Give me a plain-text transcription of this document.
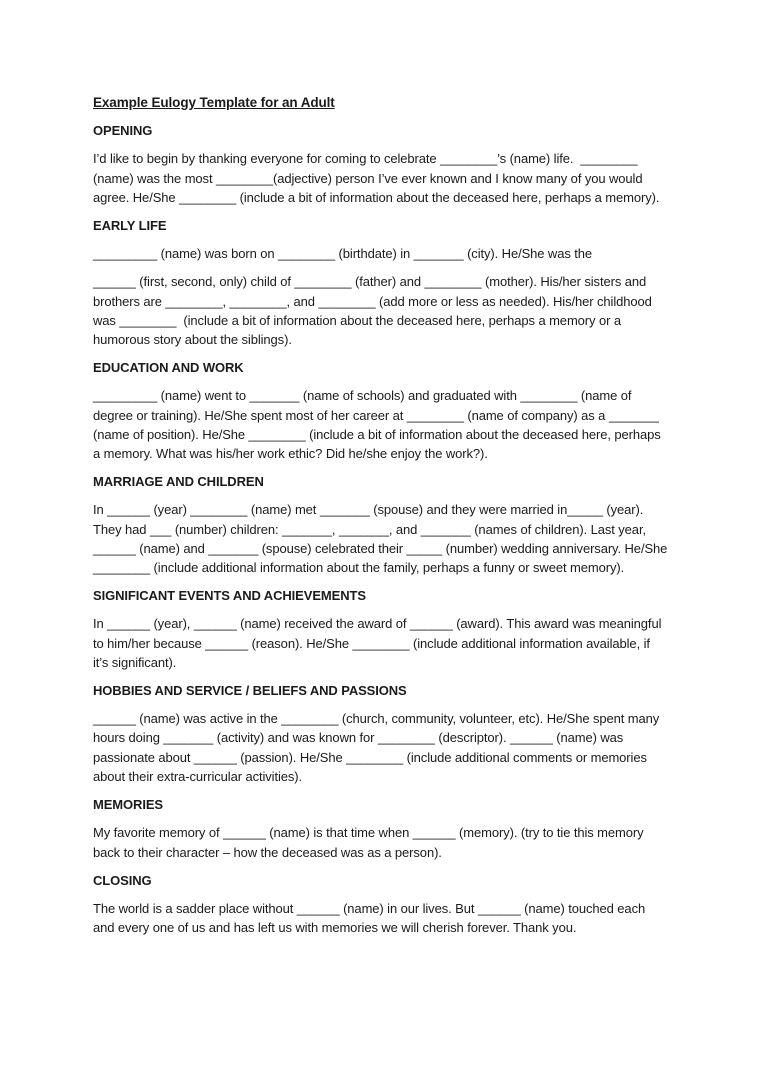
Example Eulogy Template for an Adult
OPENING
I’d like to begin by thanking everyone for coming to celebrate ________’s (name) life.  ________
(name) was the most ________(adjective) person I’ve ever known and I know many of you would
agree. He/She ________ (include a bit of information about the deceased here, perhaps a memory).
EARLY LIFE
_________ (name) was born on ________ (birthdate) in _______ (city). He/She was the
______ (first, second, only) child of ________ (father) and ________ (mother). His/her sisters and
brothers are ________, ________, and ________ (add more or less as needed). His/her childhood
was ________  (include a bit of information about the deceased here, perhaps a memory or a
humorous story about the siblings).
EDUCATION AND WORK
_________ (name) went to _______ (name of schools) and graduated with ________ (name of
degree or training). He/She spent most of her career at ________ (name of company) as a _______
(name of position). He/She ________ (include a bit of information about the deceased here, perhaps
a memory. What was his/her work ethic? Did he/she enjoy the work?).
MARRIAGE AND CHILDREN
In ______ (year) ________ (name) met _______ (spouse) and they were married in_____ (year).
They had ___ (number) children: _______, _______, and _______ (names of children). Last year,
______ (name) and _______ (spouse) celebrated their _____ (number) wedding anniversary. He/She
________ (include additional information about the family, perhaps a funny or sweet memory).
SIGNIFICANT EVENTS AND ACHIEVEMENTS
In ______ (year), ______ (name) received the award of ______ (award). This award was meaningful
to him/her because ______ (reason). He/She ________ (include additional information available, if
it’s significant).
HOBBIES AND SERVICE / BELIEFS AND PASSIONS
______ (name) was active in the ________ (church, community, volunteer, etc). He/She spent many
hours doing _______ (activity) and was known for ________ (descriptor). ______ (name) was
passionate about ______ (passion). He/She ________ (include additional comments or memories
about their extra-curricular activities).
MEMORIES
My favorite memory of ______ (name) is that time when ______ (memory). (try to tie this memory
back to their character – how the deceased was as a person).
CLOSING
The world is a sadder place without ______ (name) in our lives. But ______ (name) touched each
and every one of us and has left us with memories we will cherish forever. Thank you.
